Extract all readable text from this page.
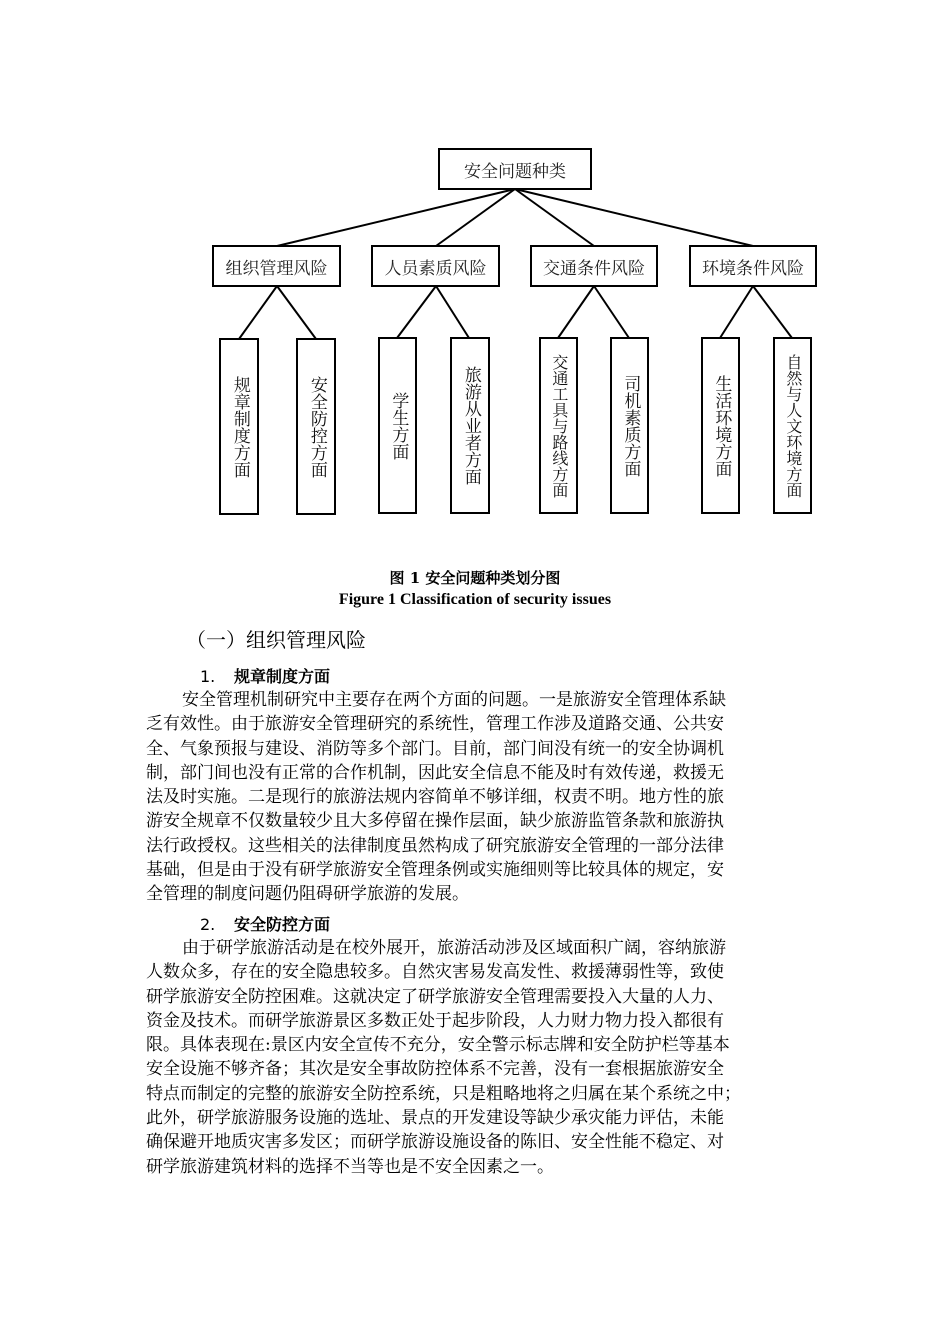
安全问题种类
组织管理风险	人员素质风险	交通条件风险	环境条件风险
规章制度方面	安全防控方面	学生方面	旅游从业者方面	交通工具与路线方面	司机素质方面	生活环境方面	自然与人文环境方面
图 1 安全问题种类划分图
Figure 1 Classification of security issues
（一）组织管理风险
1. 规章制度方面

安全管理机制研究中主要存在两个方面的问题。一是旅游安全管理体系缺
乏有效性。由于旅游安全管理研究的系统性，管理工作涉及道路交通、公共安
全、气象预报与建设、消防等多个部门。目前，部门间没有统一的安全协调机
制，部门间也没有正常的合作机制，因此安全信息不能及时有效传递，救援无
法及时实施。二是现行的旅游法规内容简单不够详细，权责不明。地方性的旅
游安全规章不仅数量较少且大多停留在操作层面，缺少旅游监管条款和旅游执
法行政授权。这些相关的法律制度虽然构成了研究旅游安全管理的一部分法律
基础，但是由于没有研学旅游安全管理条例或实施细则等比较具体的规定，安
全管理的制度问题仍阻碍研学旅游的发展。

2. 安全防控方面

由于研学旅游活动是在校外展开，旅游活动涉及区域面积广阔，容纳旅游
人数众多，存在的安全隐患较多。自然灾害易发高发性、救援薄弱性等，致使
研学旅游安全防控困难。这就决定了研学旅游安全管理需要投入大量的人力、
资金及技术。而研学旅游景区多数正处于起步阶段，人力财力物力投入都很有
限。具体表现在:景区内安全宣传不充分，安全警示标志牌和安全防护栏等基本
安全设施不够齐备；其次是安全事故防控体系不完善，没有一套根据旅游安全
特点而制定的完整的旅游安全防控系统，只是粗略地将之归属在某个系统之中；
此外，研学旅游服务设施的选址、景点的开发建设等缺少承灾能力评估，未能
确保避开地质灾害多发区；而研学旅游设施设备的陈旧、安全性能不稳定、对
研学旅游建筑材料的选择不当等也是不安全因素之一。
